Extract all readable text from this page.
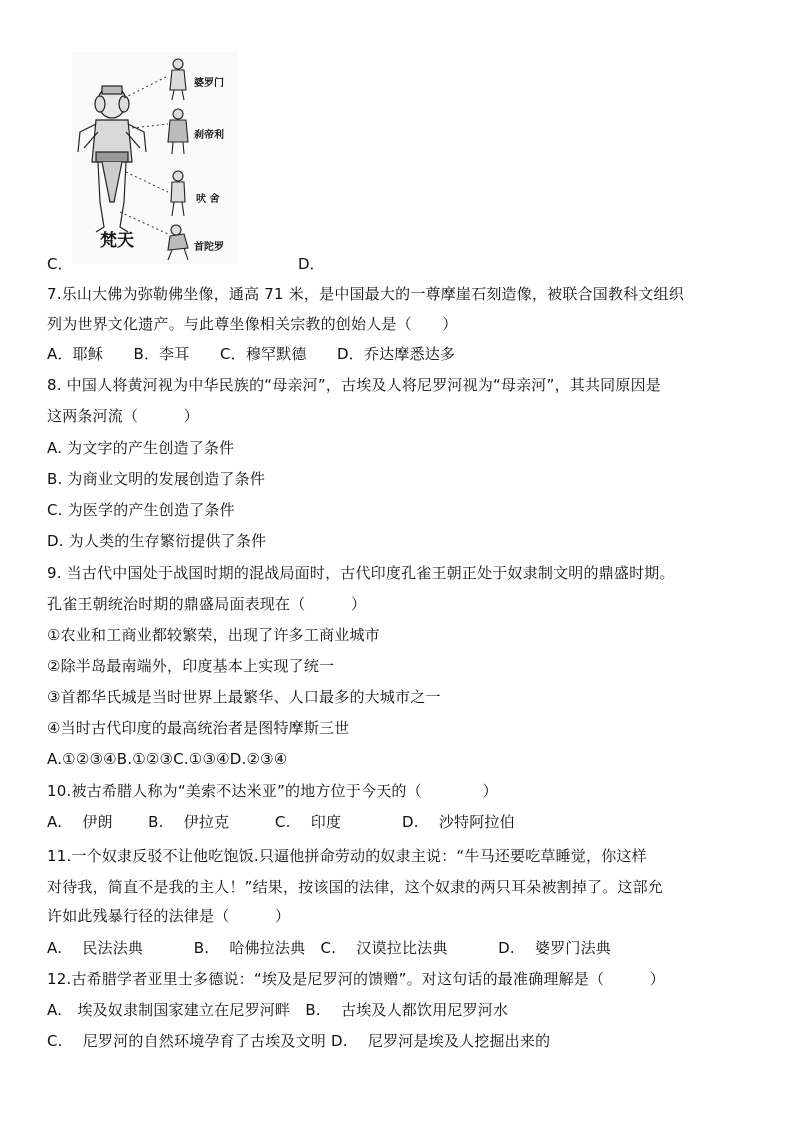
婆罗门
刹帝利
吠 舍
首陀罗
梵天
C．	D．
7.乐山大佛为弥勒佛坐像，通高 71 米，是中国最大的一尊摩崖石刻造像，被联合国教科文组织
列为世界文化遗产。与此尊坐像相关宗教的创始人是（　　）
A．耶稣　　B．李耳　　C．穆罕默德　　D．乔达摩悉达多
8. 中国人将黄河视为中华民族的“母亲河”，古埃及人将尼罗河视为“母亲河”，其共同原因是
这两条河流（　　　）
A. 为文字的产生创造了条件
B. 为商业文明的发展创造了条件
C. 为医学的产生创造了条件
D. 为人类的生存繁衍提供了条件
9. 当古代中国处于战国时期的混战局面时，古代印度孔雀王朝正处于奴隶制文明的鼎盛时期。
孔雀王朝统治时期的鼎盛局面表现在（　　　）
①农业和工商业都较繁荣，出现了许多工商业城市
②除半岛最南端外，印度基本上实现了统一
③首都华氏城是当时世界上最繁华、人口最多的大城市之一
④当时古代印度的最高统治者是图特摩斯三世
A.①②③④B.①②③C.①③④D.②③④
10.被古希腊人称为“美索不达米亚”的地方位于今天的（　　　　）
A.　 伊朗　　 B.　 伊拉克　　　C.　 印度　　　　D.　 沙特阿拉伯
11.一个奴隶反驳不让他吃饱饭.只逼他拼命劳动的奴隶主说：“牛马还要吃草睡觉，你这样
对待我，简直不是我的主人！”结果，按该国的法律，这个奴隶的两只耳朵被割掉了。这部允
许如此残暴行径的法律是（　　　）
A.　 民法法典　　　 B.　 哈佛拉法典　C.　 汉谟拉比法典　　　 D.　 婆罗门法典
12.古希腊学者亚里士多德说：“埃及是尼罗河的馈赠”。对这句话的最准确理解是（　　　）
A.　埃及奴隶制国家建立在尼罗河畔　B.　 古埃及人都饮用尼罗河水
C.　 尼罗河的自然环境孕育了古埃及文明 D.　 尼罗河是埃及人挖掘出来的
